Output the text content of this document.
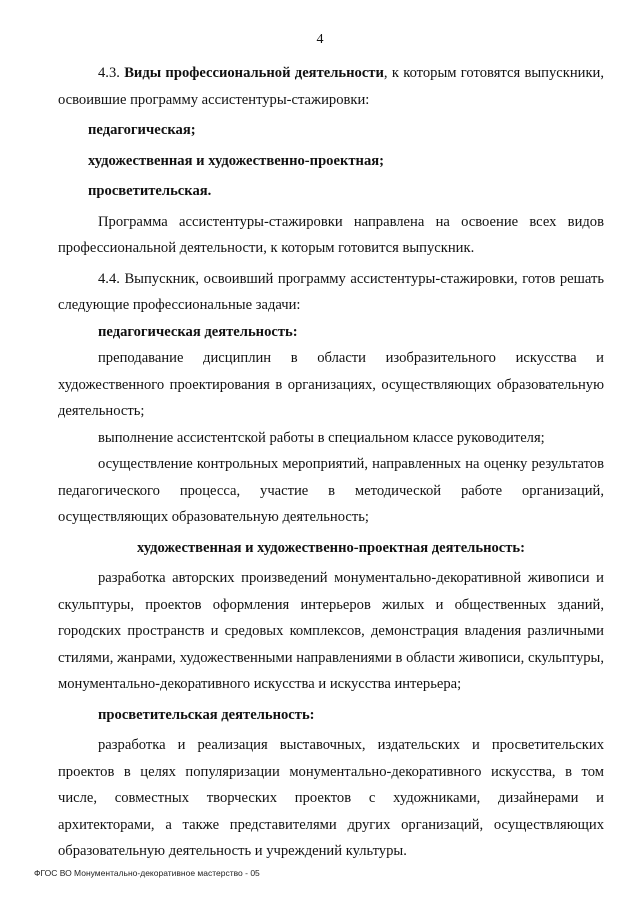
4

4.3. Виды профессиональной деятельности, к которым готовятся выпускники, освоившие программу ассистентуры-стажировки:

педагогическая;

художественная и художественно-проектная;

просветительская.

Программа ассистентуры-стажировки направлена на освоение всех видов профессиональной деятельности, к которым готовится выпускник.

4.4. Выпускник, освоивший программу ассистентуры-стажировки, готов решать следующие профессиональные задачи:

педагогическая деятельность:

преподавание дисциплин в области изобразительного искусства и художественного проектирования в организациях, осуществляющих образовательную деятельность;

выполнение ассистентской работы в специальном классе руководителя;

осуществление контрольных мероприятий, направленных на оценку результатов педагогического процесса, участие в методической работе организаций, осуществляющих образовательную деятельность;

художественная и художественно-проектная деятельность:

разработка авторских произведений монументально-декоративной живописи и скульптуры, проектов оформления интерьеров жилых и общественных зданий, городских пространств и средовых комплексов, демонстрация владения различными стилями, жанрами, художественными направлениями в области живописи, скульптуры, монументально-декоративного искусства и искусства интерьера;

просветительская деятельность:

разработка и реализация выставочных, издательских и просветительских проектов в целях популяризации монументально-декоративного искусства, в том числе, совместных творческих проектов с художниками, дизайнерами и архитекторами, а также представителями других организаций, осуществляющих образовательную деятельность и учреждений культуры.

ФГОС ВО Монументально-декоративное мастерство - 05
